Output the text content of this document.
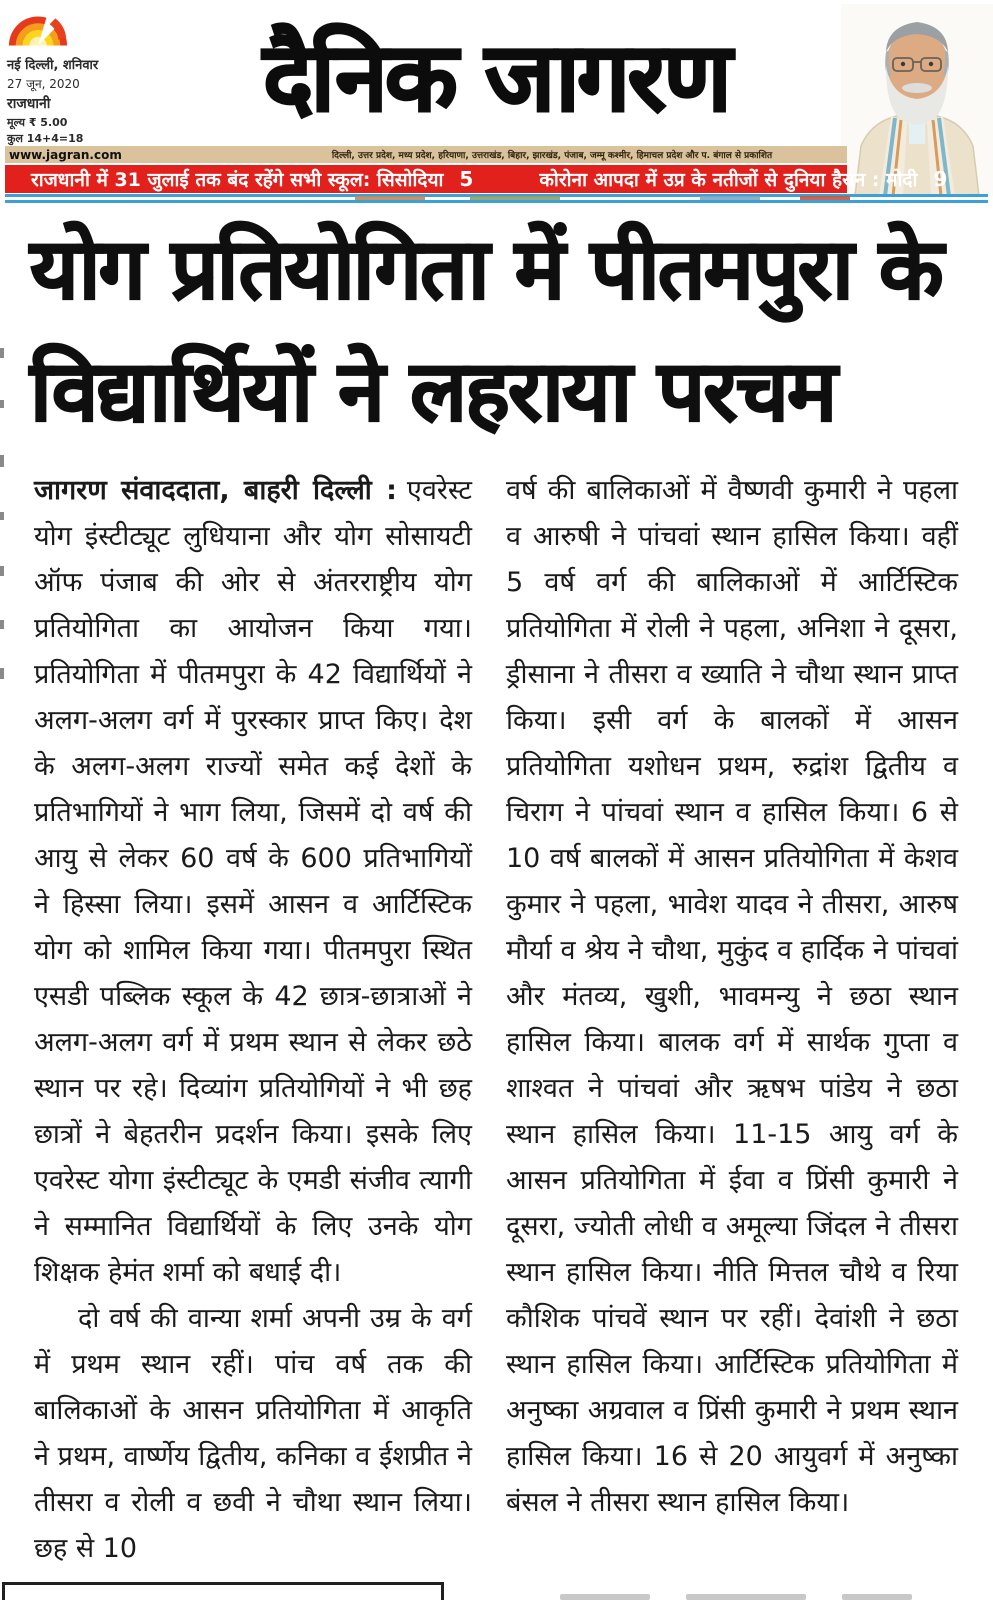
नई दिल्ली, शनिवार
27 जून, 2020
राजधानी
मूल्य ₹ 5.00
कुल 14+4=18
दैनिक जागरण
www.jagran.com	दिल्ली, उत्तर प्रदेश, मध्य प्रदेश, हरियाणा, उत्तराखंड, बिहार, झारखंड, पंजाब, जम्मू कश्मीर, हिमाचल प्रदेश और प. बंगाल से प्रकाशित
राजधानी में 31 जुलाई तक बंद रहेंगे सभी स्कूल: सिसोदिया 5	कोरोना आपदा में उप्र के नतीजों से दुनिया हैरान : मोदी 9
योग प्रतियोगिता में पीतमपुरा के
विद्यार्थियों ने लहराया परचम

जागरण संवाददाता, बाहरी दिल्ली : एवरेस्ट योग इंस्टीट्यूट लुधियाना और योग सोसायटी ऑफ पंजाब की ओर से अंतरराष्ट्रीय योग प्रतियोगिता का आयोजन किया गया। प्रतियोगिता में पीतमपुरा के 42 विद्यार्थियों ने अलग-अलग वर्ग में पुरस्कार प्राप्त किए। देश के अलग-अलग राज्यों समेत कई देशों के प्रतिभागियों ने भाग लिया, जिसमें दो वर्ष की आयु से लेकर 60 वर्ष के 600 प्रतिभागियों ने हिस्सा लिया। इसमें आसन व आर्टिस्टिक योग को शामिल किया गया। पीतमपुरा स्थित एसडी पब्लिक स्कूल के 42 छात्र-छात्राओं ने अलग-अलग वर्ग में प्रथम स्थान से लेकर छठे स्थान पर रहे। दिव्यांग प्रतियोगियों ने भी छह छात्रों ने बेहतरीन प्रदर्शन किया। इसके लिए एवरेस्ट योगा इंस्टीट्यूट के एमडी संजीव त्यागी ने सम्मानित विद्यार्थियों के लिए उनके योग शिक्षक हेमंत शर्मा को बधाई दी।

दो वर्ष की वान्या शर्मा अपनी उम्र के वर्ग में प्रथम स्थान रहीं। पांच वर्ष तक की बालिकाओं के आसन प्रतियोगिता में आकृति ने प्रथम, वार्ष्णेय द्वितीय, कनिका व ईशप्रीत ने तीसरा व रोली व छवी ने चौथा स्थान लिया। छह से 10

वर्ष की बालिकाओं में वैष्णवी कुमारी ने पहला व आरुषी ने पांचवां स्थान हासिल किया। वहीं 5 वर्ष वर्ग की बालिकाओं में आर्टिस्टिक प्रतियोगिता में रोली ने पहला, अनिशा ने दूसरा, ड्रीसाना ने तीसरा व ख्याति ने चौथा स्थान प्राप्त किया। इसी वर्ग के बालकों में आसन प्रतियोगिता यशोधन प्रथम, रुद्रांश द्वितीय व चिराग ने पांचवां स्थान व हासिल किया। 6 से 10 वर्ष बालकों में आसन प्रतियोगिता में केशव कुमार ने पहला, भावेश यादव ने तीसरा, आरुष मौर्या व श्रेय ने चौथा, मुकुंद व हार्दिक ने पांचवां और मंतव्य, खुशी, भावमन्यु ने छठा स्थान हासिल किया। बालक वर्ग में सार्थक गुप्ता व शाश्वत ने पांचवां और ऋषभ पांडेय ने छठा स्थान हासिल किया। 11-15 आयु वर्ग के आसन प्रतियोगिता में ईवा व प्रिंसी कुमारी ने दूसरा, ज्योती लोधी व अमूल्या जिंदल ने तीसरा स्थान हासिल किया। नीति मित्तल चौथे व रिया कौशिक पांचवें स्थान पर रहीं। देवांशी ने छठा स्थान हासिल किया। आर्टिस्टिक प्रतियोगिता में अनुष्का अग्रवाल व प्रिंसी कुमारी ने प्रथम स्थान हासिल किया। 16 से 20 आयुवर्ग में अनुष्का बंसल ने तीसरा स्थान हासिल किया।
